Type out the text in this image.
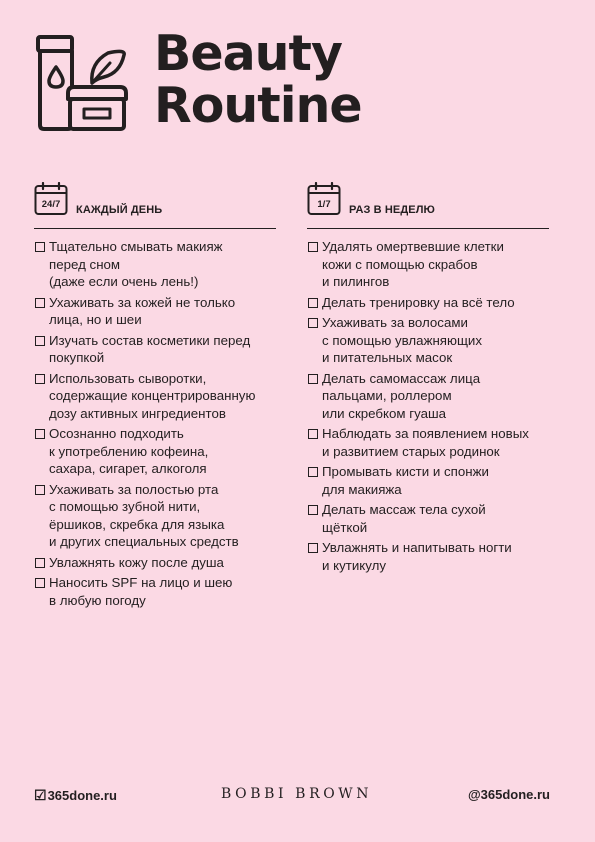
Beauty
Routine
24/7 КАЖДЫЙ ДЕНЬ
Тщательно смывать макияж
перед сном
(даже если очень лень!)
Ухаживать за кожей не только
лица, но и шеи
Изучать состав косметики перед
покупкой
Использовать сыворотки,
содержащие концентрированную
дозу активных ингредиентов
Осознанно подходить
к употреблению кофеина,
сахара, сигарет, алкоголя
Ухаживать за полостью рта
с помощью зубной нити,
ёршиков, скребка для языка
и других специальных средств
Увлажнять кожу после душа
Наносить SPF на лицо и шею
в любую погоду
1/7 РАЗ В НЕДЕЛЮ
Удалять омертвевшие клетки
кожи с помощью скрабов
и пилингов
Делать тренировку на всё тело
Ухаживать за волосами
с помощью увлажняющих
и питательных масок
Делать самомассаж лица
пальцами, роллером
или скребком гуаша
Наблюдать за появлением новых
и развитием старых родинок
Промывать кисти и спонжи
для макияжа
Делать массаж тела сухой
щёткой
Увлажнять и напитывать ногти
и кутикулу
☑365done.ru	BOBBI BROWN	@365done.ru
